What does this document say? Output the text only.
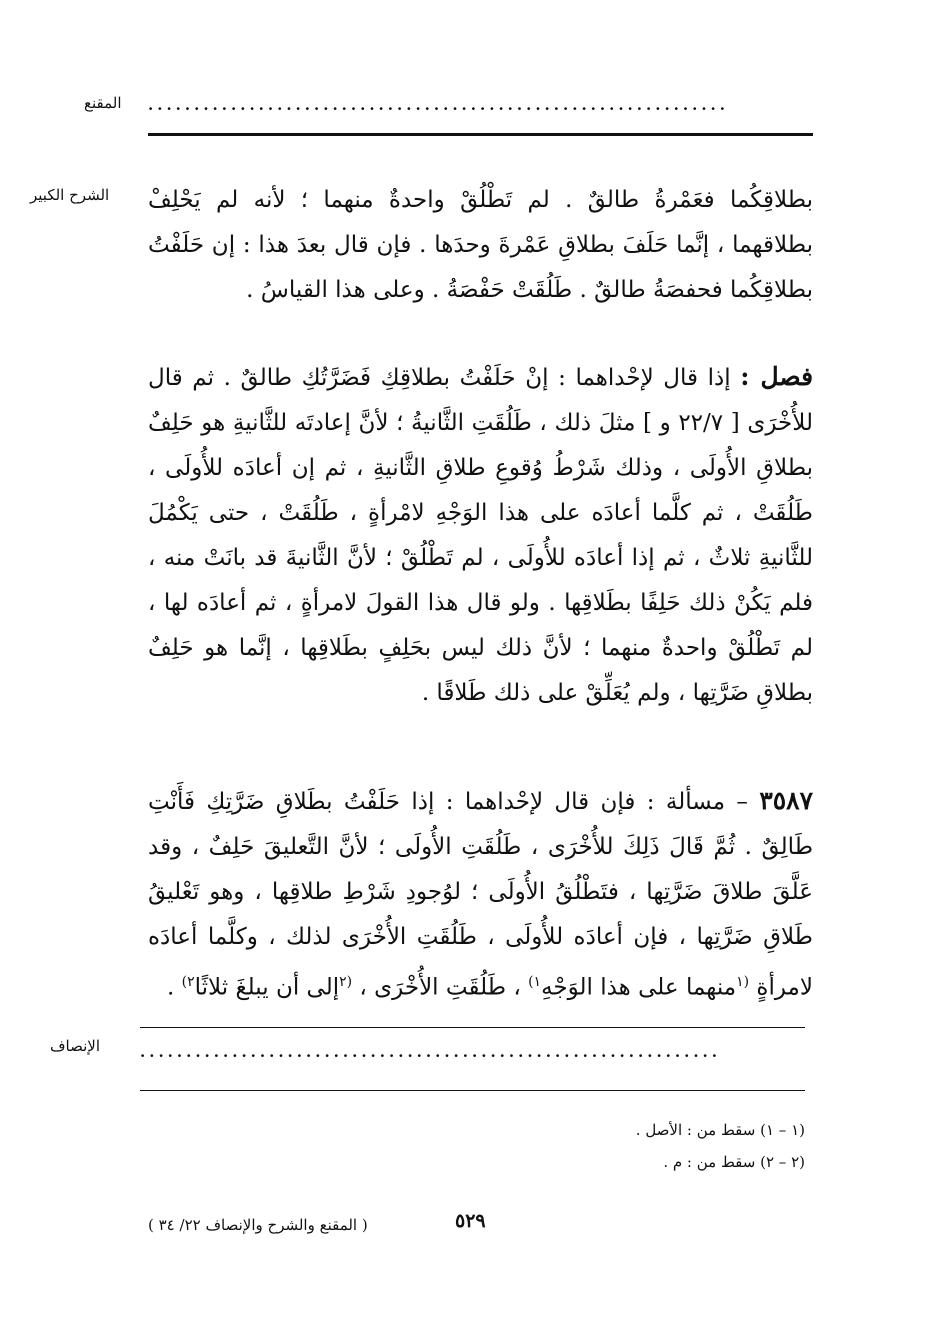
المقنع ...............................................................
الشرح الكبير بطلاقِكُما فعَمْرةُ طالقٌ . لم تَطْلُقْ واحدةٌ منهما ؛ لأنه لم يَحْلِفْ بطلاقهما ، إنَّما حَلَفَ بطلاقِ عَمْرةَ وحدَها . فإن قال بعدَ هذا : إن حَلَفْتُ بطلاقِكُما فحفصَةُ طالقٌ . طَلُقَتْ حَفْصَةُ . وعلى هذا القياسُ .

فصل : إذا قال لإحْداهما : إنْ حَلَفْتُ بطلاقِكِ فَضَرَّتُكِ طالقٌ . ثم قال للأُخْرَى [ ٢٢/٧ و ] مثلَ ذلك ، طَلُقَتِ الثَّانيةُ ؛ لأنَّ إعادتَه للثَّانيةِ هو حَلِفٌ بطلاقِ الأُولَى ، وذلك شَرْطُ وُقوعِ طلاقِ الثَّانيةِ ، ثم إن أعادَه للأُولَى ، طَلُقَتْ ، ثم كلَّما أعادَه على هذا الوَجْهِ لامْرأةٍ ، طَلُقَتْ ، حتى يَكْمُلَ للثَّانيةِ ثلاثٌ ، ثم إذا أعادَه للأُولَى ، لم تَطْلُقْ ؛ لأنَّ الثَّانيةَ قد بانَتْ منه ، فلم يَكُنْ ذلك حَلِفًا بطَلاقِها . ولو قال هذا القولَ لامرأةٍ ، ثم أعادَه لها ، لم تَطْلُقْ واحدةٌ منهما ؛ لأنَّ ذلك ليس بحَلِفٍ بطَلاقِها ، إنَّما هو حَلِفٌ بطلاقِ ضَرَّتِها ، ولم يُعَلِّقْ على ذلك طَلاقًا .

٣٥٨٧ – مسألة : فإن قال لإحْداهما : إذا حَلَفْتُ بطَلاقِ ضَرَّتِكِ فَأَنْتِ طَالِقٌ . ثُمَّ قَالَ ذَلِكَ للأُخْرَى ، طَلُقَتِ الأُولَى ؛ لأنَّ التَّعليقَ حَلِفٌ ، وقد عَلَّقَ طلاقَ ضَرَّتِها ، فتَطْلُقُ الأُولَى ؛ لوُجودِ شَرْطِ طلاقِها ، وهو تَعْليقُ طَلاقِ ضَرَّتِها ، فإن أعادَه للأُولَى ، طَلُقَتِ الأُخْرَى لذلك ، وكلَّما أعادَه لامرأةٍ $^{(١}$منهما على هذا الوَجْهِ$^{١)}$ ، طَلُقَتِ الأُخْرَى ، $^{(٢}$إلى أن يبلغَ ثلاثًا$^{٢)}$ .

الإنصاف	...............................................................
(١ – ١) سقط من : الأصل .
(٢ – ٢) سقط من : م .
( المقنع والشرح والإنصاف ٢٢/ ٣٤ )	٥٢٩
